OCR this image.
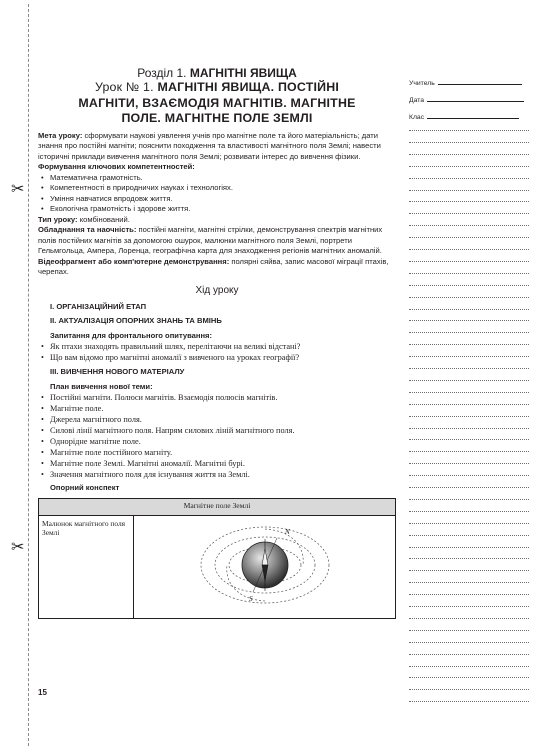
✂
✂
Розділ 1. МАГНІТНІ ЯВИЩА
Урок № 1. МАГНІТНІ ЯВИЩА. ПОСТІЙНІ
МАГНІТИ, ВЗАЄМОДІЯ МАГНІТІВ. МАГНІТНЕ
ПОЛЕ. МАГНІТНЕ ПОЛЕ ЗЕМЛІ

Мета уроку: сформувати наукові уявлення учнів про магнітне поле та його матеріальність; дати знання про постійні магніти; пояснити походження та властивості магнітного поля Землі; навести історичні приклади вивчення магнітного поля Землі; розвивати інтерес до вивчення фізики.

Формування ключових компетентностей:

• Математична грамотність.
• Компетентності в природничих науках і технологіях.
• Уміння навчатися впродовж життя.
• Екологічна грамотність і здорове життя.

Тип уроку: комбінований.

Обладнання та наочність: постійні магніти, магнітні стрілки, демонстрування спектрів магнітних полів постійних магнітів за допомогою ошурок, малюнки магнітного поля Землі, портрети Гельмгольца, Ампера, Лоренца, географічна карта для знаходження регіонів магнітних аномалій.

Відеофрагмент або комп'ютерне демонстрування: полярні сяйва, запис масової міграції птахів, черепах.

Хід уроку
I. ОРГАНІЗАЦІЙНИЙ ЕТАП
II. АКТУАЛІЗАЦІЯ ОПОРНИХ ЗНАНЬ ТА ВМІНЬ
Запитання для фронтального опитування:
• Як птахи знаходять правильний шлях, перелітаючи на великі відстані?
• Що вам відомо про магнітні аномалії з вивченого на уроках географії?
III. ВИВЧЕННЯ НОВОГО МАТЕРІАЛУ
План вивчення нової теми:
• Постійні магніти. Полюси магнітів. Взаємодія полюсів магнітів.
• Магнітне поле.
• Джерела магнітного поля.
• Силові лінії магнітного поля. Напрям силових ліній магнітного поля.
• Однорідне магнітне поле.
• Магнітне поле постійного магніту.
• Магнітне поле Землі. Магнітні аномалії. Магнітні бурі.
• Значення магнітного поля для існування життя на Землі.
Опорний конспект
Магнітне поле Землі
Малюнок магнітного поля Землі	N
S
15
Учитель
Дата
Клас
